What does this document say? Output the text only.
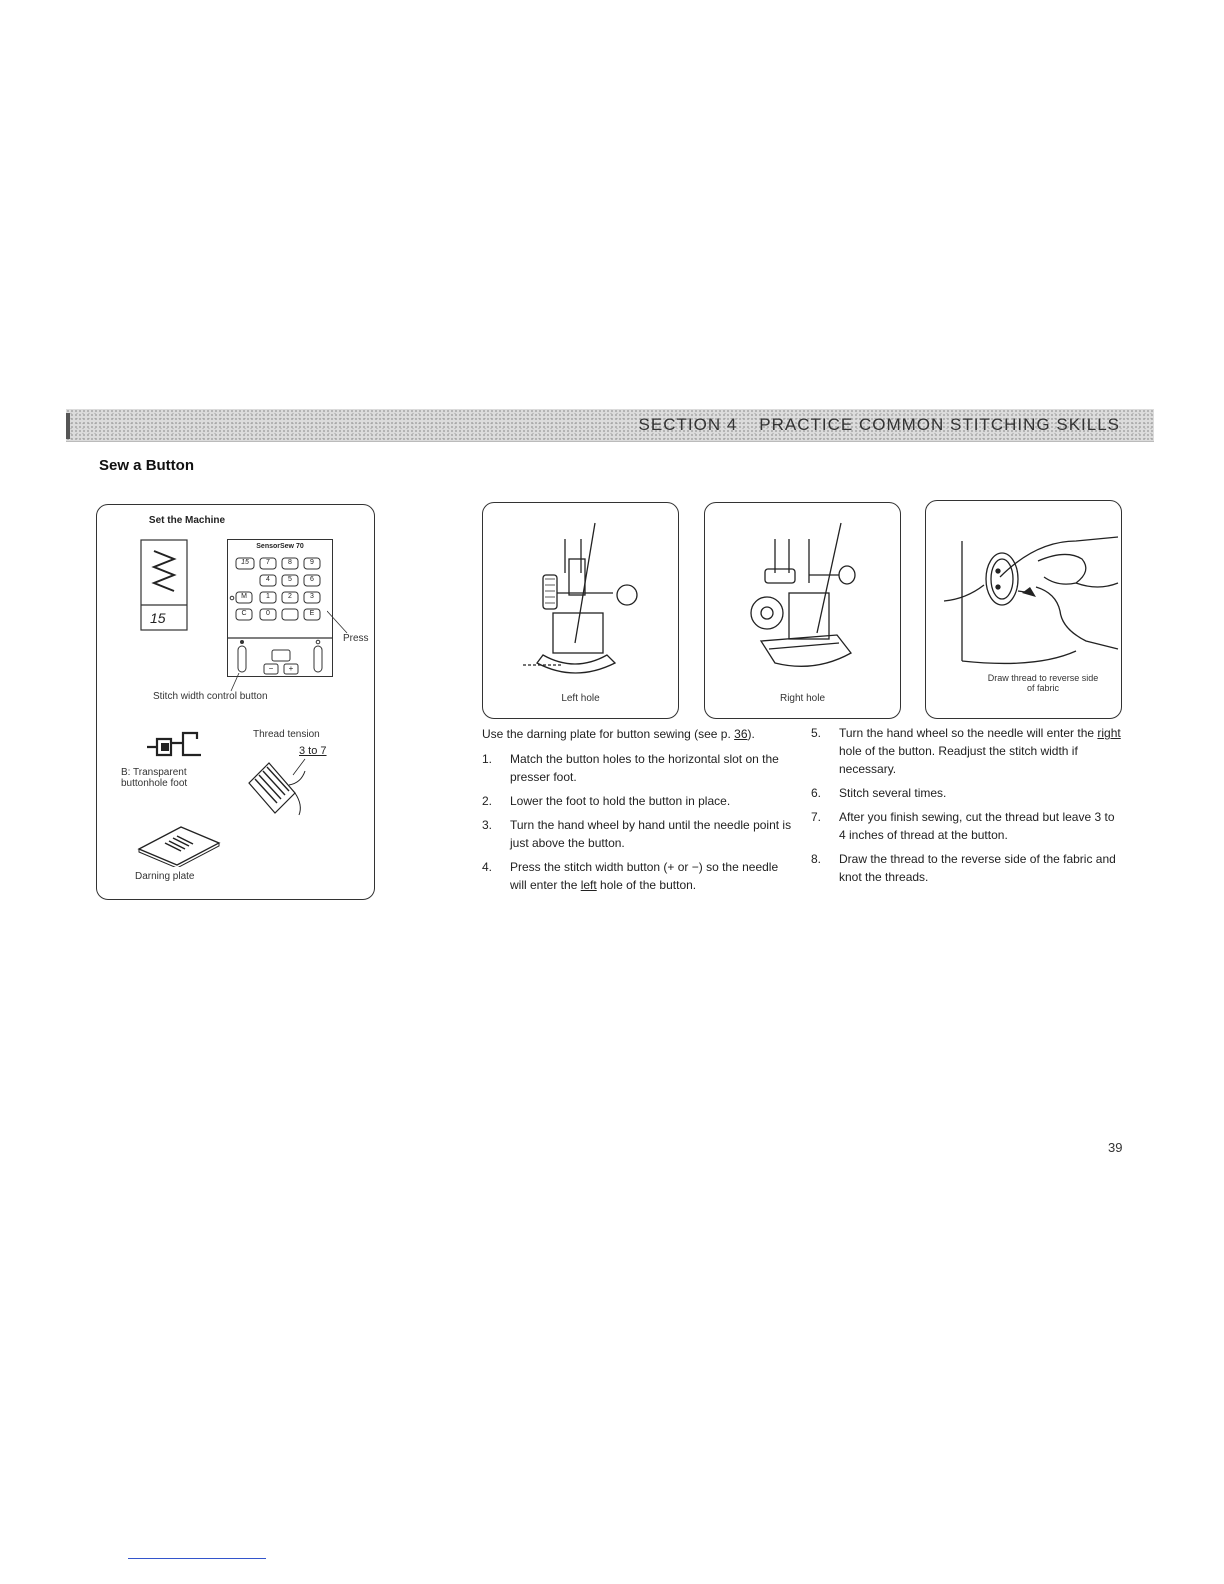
SECTION 4 PRACTICE COMMON STITCHING SKILLS
Sew a Button
Set the Machine
15
SensorSew 70
15	7	8	9
4	5	6
M	1	2	3
C	0	E
−	+
Press
Stitch width control button
B: Transparent buttonhole foot
Thread tension
3 to 7
Darning plate
Left hole	Right hole
Draw thread to reverse side of fabric
Use the darning plate for button sewing (see p. 36).
1. Match the button holes to the horizontal slot on the presser foot.
2. Lower the foot to hold the button in place.
3. Turn the hand wheel by hand until the needle point is just above the button.
4. Press the stitch width button (+ or −) so the needle will enter the left hole of the button.
5. Turn the hand wheel so the needle will enter the right hole of the button. Readjust the stitch width if necessary.
6. Stitch several times.
7. After you finish sewing, cut the thread but leave 3 to 4 inches of thread at the button.
8. Draw the thread to the reverse side of the fabric and knot the threads.
39
